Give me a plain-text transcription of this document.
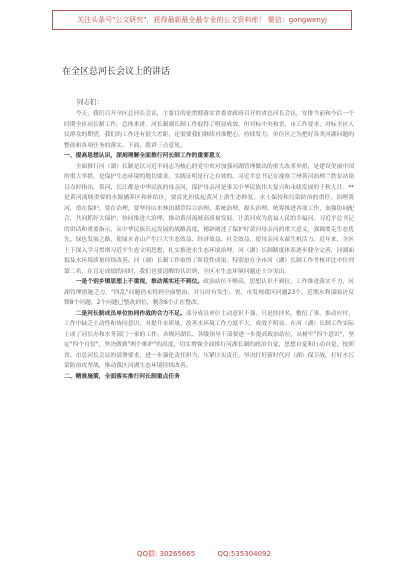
关注头条号"公文研究"，获得最新最全最专业的公文资料库！ 微信：gongwenyj
在全区总河长会议上的讲话
同志们：

今天，我们召开全区总河长会议，主要目的是贯彻落实省委省政府召开的省总河长会议，安排当前和今后一个时期全区河长制工作。总体来讲，河长制湖长制工作取得了明显成效，但对标中央和省、市工作要求，对标全区人民群众的期望，我们的工作还有很大差距，还需要我们继续对准靶心，持续发力。单位区之为把好各类河湖问题的整改和各项任务的落实。下面，我讲三点意见。

一、提高思想认识，深刻理解全面推行河长制工作的重要意义

全面推行河（湖）长制是以习近平同志为核心的党中央对加强河湖管理做出的重大改革举措，是建设美丽中国的重大举措，是保护生态环境的地切要求，实践证明是行之有效的。习近平总书记在视察兰州黄河治理兰铁泵站项目点时指出，黄河、长江都是中华民族的母亲河，保护母亲河是事关中华民族伟大复兴和永续发展的千秋大计。**是黄河流域重要的水源涵养区和补给区，要首先担负起黄河上游生态修复、水土保持和污染防治的重任，治理黄河，重在保护，要在治理，要坚持山水林田湖草综合治理、系统治理、源头治理，统筹推进各项工作，加强协同配合，共同抓好大保护，协同推进大治理，推动黄河流域高质量发展，让黄河成为造福人民的幸福河。习近平总书记的讲话和重要指示，从中华民族长远发展的战略高度，精辟阐述了保护好黄河母亲河的重大意义，强调要走生态优先、绿色发展之路，使绿水青山产生巨大生态效益、经济效益、社会效益，使母亲河永葆生机活力。近年来，全区上下深入学习贯彻习近平生态文明思想，扎实推进水生态环境治理，河（湖）长制制度体系逐步健全完善，河湖面貌及水环境质量持续改善。河（湖）长制工作取得了阶段性成果。特别是在全市河（湖）长制工作考核评比中位列第二名，在肯定成绩的同时，我们也要清醒的认识到，全区水生态环境问题还十分突出。

一是个别乡镇思想上不重视，推动落实还不到位。政治站位不够高，思想认识不到位，工作推进落实不力，河湖管理措施乏力，"四乱"问题仍未得到全面整治，并且时有发生。省、市发现我区问题23个，近期水利部暗访反馈8个问题，2个问题已整改到位，剩余6个正在整改。

二是河长制成员单位协同作战的合力不足。部分成员单位主动意识不强，只是挂挂名，敷衍了事，推动应付，工作中缺乏主动性和协同意识，对提升水质量、改善水环境工作力度不大，成效不明显。在河（湖）长制工作实际上成了河长办和水务部门一家的工作。各级河湖长、各级领导干部要进一步提高政治站位，从树牢"四个意识"，坚定"四个自信"，坚决做到"两个维护"的高度，切实增强全面推行河湖长制的政治自觉、思想自觉和行动自觉，按照省、市总河长会议的部署要求，进一步强化责任担当，压紧压实责任，坚决打好新时代河（湖）保卫战，打好水污染防治攻坚战，推动我区河湖生态环境持续改善。

二、精准施策，全面落实推行河长制重点任务

QQ群: 30265665          QQ:535304092
